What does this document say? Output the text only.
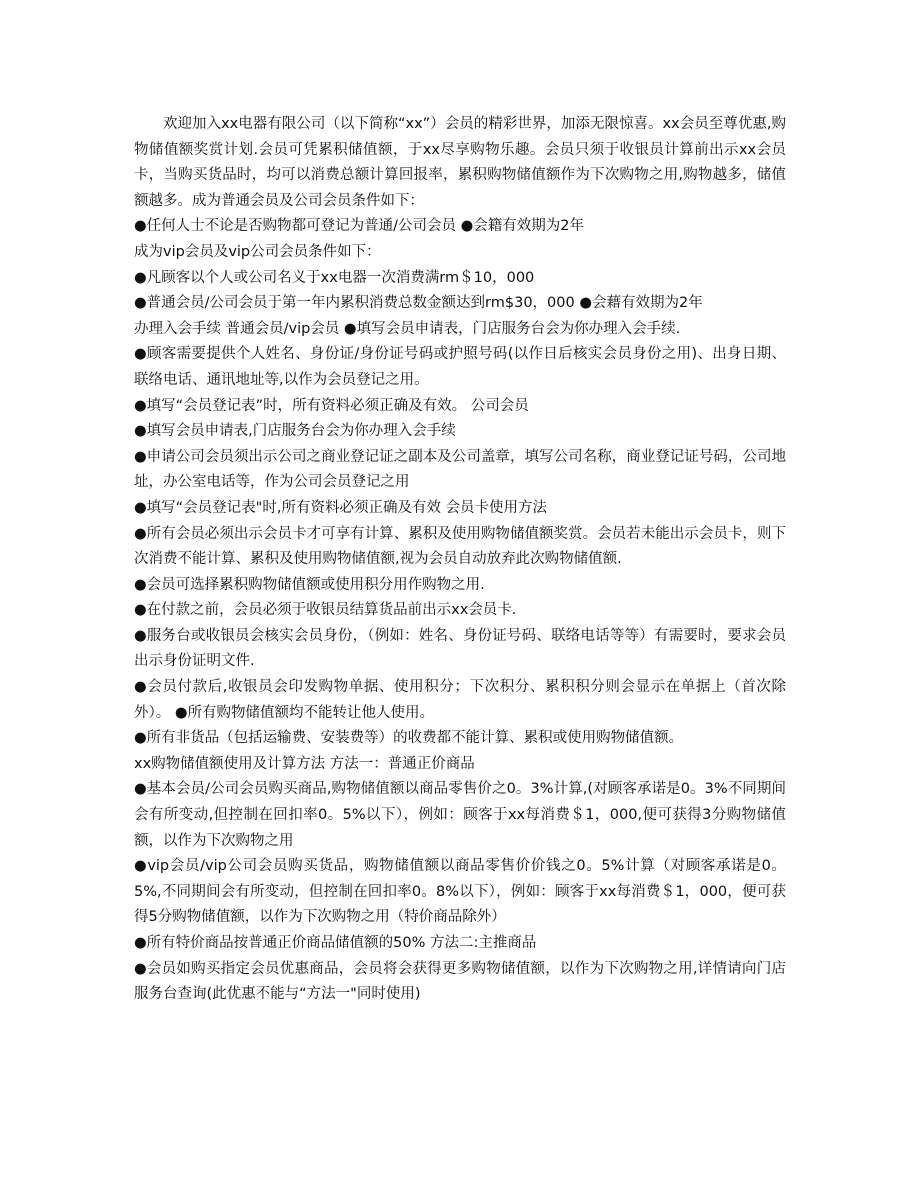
欢迎加入xx电器有限公司（以下简称“xx”）会员的精彩世界，加添无限惊喜。xx会员至尊优惠,购物储值额奖赏计划.会员可凭累积储值额，于xx尽享购物乐趣。会员只须于收银员计算前出示xx会员卡，当购买货品时，均可以消费总额计算回报率，累积购物储值额作为下次购物之用,购物越多，储值额越多。成为普通会员及公司会员条件如下：

●任何人士不论是否购物都可登记为普通/公司会员 ●会籍有效期为2年

成为vip会员及vip公司会员条件如下：

●凡顾客以个人或公司名义于xx电器一次消费满rm＄10，000

●普通会员/公司会员于第一年内累积消费总数金额达到rm$30，000 ●会藉有效期为2年

办理入会手续 普通会员/vip会员 ●填写会员申请表，门店服务台会为你办理入会手续.

●顾客需要提供个人姓名、身份证/身份证号码或护照号码(以作日后核实会员身份之用)、出身日期、联络电话、通讯地址等,以作为会员登记之用。

●填写“会员登记表”时，所有资料必须正确及有效。 公司会员

●填写会员申请表,门店服务台会为你办理入会手续

●申请公司会员须出示公司之商业登记证之副本及公司盖章，填写公司名称，商业登记证号码，公司地址，办公室电话等，作为公司会员登记之用

●填写“会员登记表"时,所有资料必须正确及有效 会员卡使用方法

●所有会员必须出示会员卡才可享有计算、累积及使用购物储值额奖赏。会员若未能出示会员卡，则下次消费不能计算、累积及使用购物储值额,视为会员自动放弃此次购物储值额.

●会员可选择累积购物储值额或使用积分用作购物之用.

●在付款之前，会员必须于收银员结算货品前出示xx会员卡.

●服务台或收银员会核实会员身份，（例如：姓名、身份证号码、联络电话等等）有需要时，要求会员出示身份证明文件.

●会员付款后,收银员会印发购物单据、使用积分；下次积分、累积积分则会显示在单据上（首次除外）。 ●所有购物储值额均不能转让他人使用。

●所有非货品（包括运输费、安装费等）的收费都不能计算、累积或使用购物储值额。

xx购物储值额使用及计算方法 方法一：普通正价商品

●基本会员/公司会员购买商品,购物储值额以商品零售价之0。3%计算,(对顾客承诺是0。3%不同期间会有所变动,但控制在回扣率0。5%以下），例如：顾客于xx每消费＄1，000,便可获得3分购物储值额，以作为下次购物之用

●vip会员/vip公司会员购买货品，购物储值额以商品零售价价钱之0。5%计算（对顾客承诺是0。5%,不同期间会有所变动，但控制在回扣率0。8%以下），例如：顾客于xx每消费＄1，000，便可获得5分购物储值额，以作为下次购物之用（特价商品除外）

●所有特价商品按普通正价商品储值额的50% 方法二:主推商品

●会员如购买指定会员优惠商品，会员将会获得更多购物储值额，以作为下次购物之用,详情请向门店服务台查询(此优惠不能与“方法一"同时使用)
